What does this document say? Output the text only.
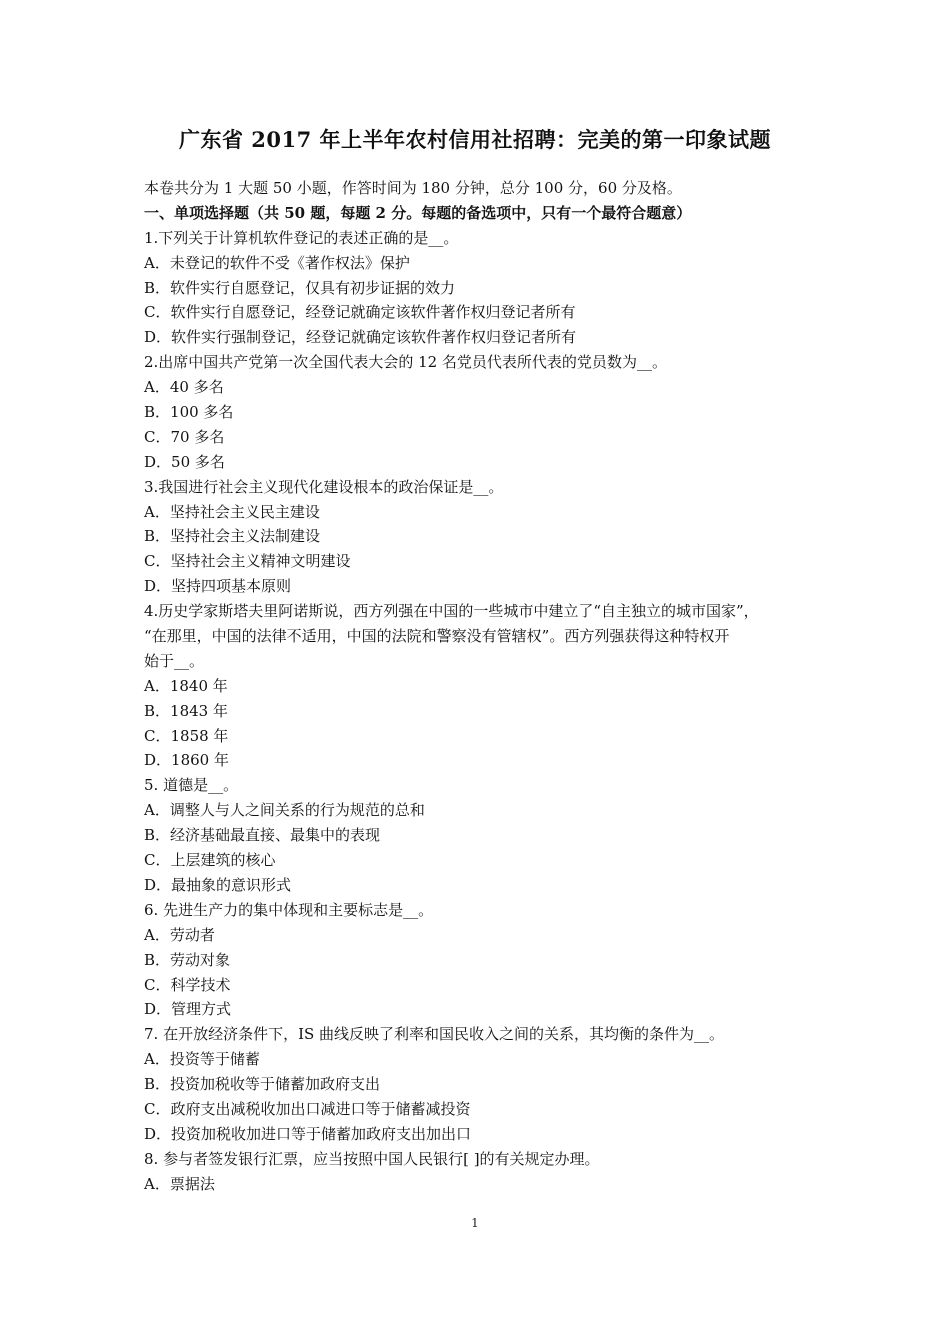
广东省 2017 年上半年农村信用社招聘：完美的第一印象试题
本卷共分为 1 大题 50 小题，作答时间为 180 分钟，总分 100 分，60 分及格。
一、单项选择题（共 50 题，每题 2 分。每题的备选项中，只有一个最符合题意）
1.下列关于计算机软件登记的表述正确的是__。
A．未登记的软件不受《著作权法》保护
B．软件实行自愿登记，仅具有初步证据的效力
C．软件实行自愿登记，经登记就确定该软件著作权归登记者所有
D．软件实行强制登记，经登记就确定该软件著作权归登记者所有
2.出席中国共产党第一次全国代表大会的 12 名党员代表所代表的党员数为__。
A．40 多名
B．100 多名
C．70 多名
D．50 多名
3.我国进行社会主义现代化建设根本的政治保证是__。
A．坚持社会主义民主建设
B．坚持社会主义法制建设
C．坚持社会主义精神文明建设
D．坚持四项基本原则
4.历史学家斯塔夫里阿诺斯说，西方列强在中国的一些城市中建立了“自主独立的城市国家”，
“在那里，中国的法律不适用，中国的法院和警察没有管辖权”。西方列强获得这种特权开
始于__。
A．1840 年
B．1843 年
C．1858 年
D．1860 年
5. 道德是__。
A．调整人与人之间关系的行为规范的总和
B．经济基础最直接、最集中的表现
C．上层建筑的核心
D．最抽象的意识形式
6. 先进生产力的集中体现和主要标志是__。
A．劳动者
B．劳动对象
C．科学技术
D．管理方式
7. 在开放经济条件下，IS 曲线反映了利率和国民收入之间的关系，其均衡的条件为__。
A．投资等于储蓄
B．投资加税收等于储蓄加政府支出
C．政府支出减税收加出口减进口等于储蓄减投资
D．投资加税收加进口等于储蓄加政府支出加出口
8. 参与者签发银行汇票，应当按照中国人民银行[ ]的有关规定办理。
A．票据法
1
